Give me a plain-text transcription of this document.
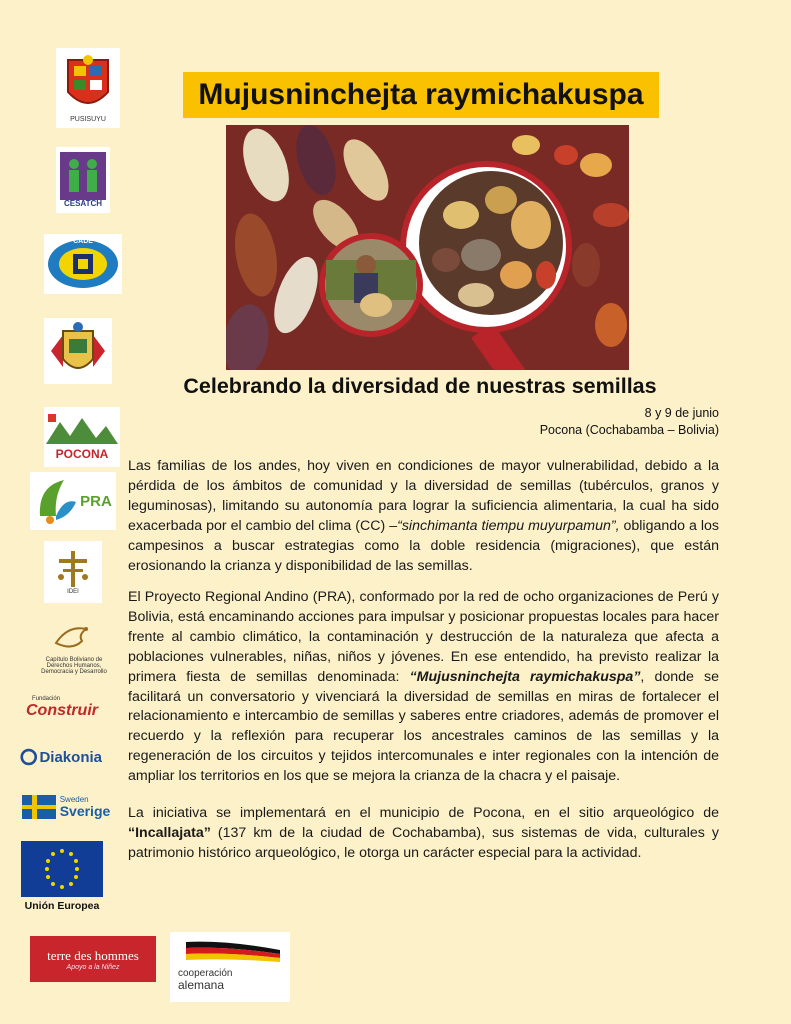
PUSISUYU
CESATCH
CADE
POCONA
PRA
IDEI
Capítulo Boliviano de Derechos Humanos, Democracia y Desarrollo
Fundación
Construir
Diakonia
Sweden
Sverige
Unión Europea
terre des hommes
Apoyo a la Niñez
cooperación
alemana
Mujusninchejta raymichakuspa
Celebrando la diversidad de nuestras semillas
8 y 9 de junio
Pocona (Cochabamba – Bolivia)
Las familias de los andes, hoy viven en condiciones de mayor vulnerabilidad, debido a la pérdida de los ámbitos de comunidad y la diversidad de semillas (tubérculos, granos y leguminosas), limitando su autonomía para lograr la suficiencia alimentaria, la cual ha sido exacerbada por el cambio del clima (CC) –“sinchimanta tiempu muyurpamun”, obligando a los campesinos a buscar estrategias como la doble residencia (migraciones), que están erosionando la crianza y disponibilidad de las semillas.
El Proyecto Regional Andino (PRA), conformado por la red de ocho organizaciones de Perú y Bolivia, está encaminando acciones para impulsar y posicionar propuestas locales para hacer frente al cambio climático, la contaminación y destrucción de la naturaleza que afecta a poblaciones vulnerables, niñas, niños y jóvenes. En ese entendido, ha previsto realizar la primera fiesta de semillas denominada: “Mujusninchejta raymichakuspa”, donde se facilitará un conversatorio y vivenciará la diversidad de semillas en miras de fortalecer el relacionamiento e intercambio de semillas y saberes entre criadores, además de promover el recuerdo y la reflexión para recuperar los ancestrales caminos de las semillas y la regeneración de los circuitos y tejidos intercomunales e inter regionales con la intención de ampliar los territorios en los que se mejora la crianza de la chacra y el paisaje.
La iniciativa se implementará en el municipio de Pocona, en el sitio arqueológico de “Incallajata” (137 km de la ciudad de Cochabamba), sus sistemas de vida, culturales y patrimonio histórico arqueológico, le otorga un carácter especial para la actividad.
